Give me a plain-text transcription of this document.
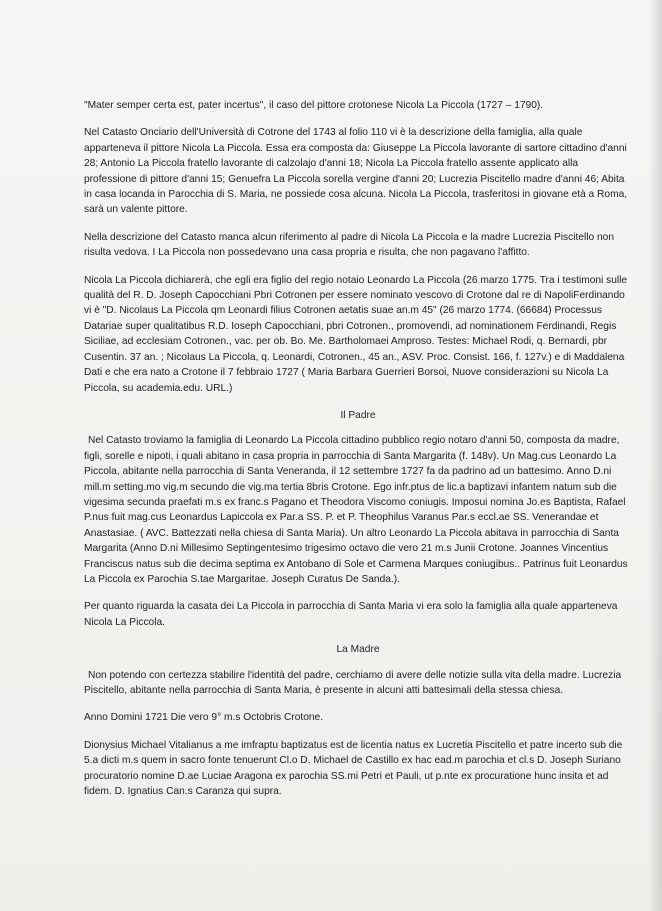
"Mater semper certa est, pater incertus", il caso del pittore crotonese Nicola La Piccola (1727 – 1790).

Nel Catasto Onciario dell'Università di Cotrone del 1743 al folio 110 vi è la descrizione della famiglia, alla quale apparteneva il pittore Nicola La Piccola. Essa era composta da: Giuseppe La Piccola lavorante di sartore cittadino d'anni 28; Antonio La Piccola fratello lavorante di calzolajo d'anni 18; Nicola La Piccola fratello assente applicato alla professione di pittore d'anni 15; Genuefra La Piccola sorella vergine d'anni 20; Lucrezia Piscitello madre d'anni 46; Abita in casa locanda in Parocchia di S. Maria, ne possiede cosa alcuna. Nicola La Piccola, trasferitosi in giovane età a Roma, sarà un valente pittore.

Nella descrizione del Catasto manca alcun riferimento al padre di Nicola La Piccola e la madre Lucrezia Piscitello non risulta vedova. I La Piccola non possedevano una casa propria e risulta, che non pagavano l'affitto.

Nicola La Piccola dichiarerà, che egli era figlio del regio notaio Leonardo La Piccola (26 marzo 1775. Tra i testimoni sulle qualità del R. D. Joseph Capocchiani Pbri Cotronen per essere nominato vescovo di Crotone dal re di NapoliFerdinando vi è "D. Nicolaus La Piccola qm Leonardi filius Cotronen aetatis suae an.m 45" (26 marzo 1774. (66684) Processus Datariae super qualitatibus R.D. Ioseph Capocchiani, pbri Cotronen., promovendi, ad nominationem Ferdinandi, Regis Siciliae, ad ecclesiam Cotronen., vac. per ob. Bo. Me. Bartholomaei Amproso. Testes: Michael Rodi, q. Bernardi, pbr Cusentin. 37 an. ; Nicolaus La Piccola, q. Leonardi, Cotronen., 45 an., ASV. Proc. Consist. 166, f. 127v.) e di Maddalena Dati e che era nato a Crotone il 7 febbraio 1727 ( Maria Barbara Guerrieri Borsoi, Nuove considerazioni su Nicola La Piccola, su academia.edu. URL.)

Il Padre

Nel Catasto troviamo la famiglia di Leonardo La Piccola cittadino pubblico regio notaro d'anni 50, composta da madre, figli, sorelle e nipoti, i quali abitano in casa propria in parrocchia di Santa Margarita (f. 148v). Un Mag.cus Leonardo La Piccola, abitante nella parrocchia di Santa Veneranda, il 12 settembre 1727 fa da padrino ad un battesimo. Anno D.ni mill.m setting.mo vig.m secundo die vig.ma tertia 8bris Crotone. Ego infr.ptus de lic.a baptizavi infantem natum sub die vigesima secunda praefati m.s ex franc.s Pagano et Theodora Viscomo coniugis. Imposui nomina Jo.es Baptista, Rafael P.nus fuit mag.cus Leonardus Lapiccola ex Par.a SS. P. et P. Theophilus Varanus Par.s eccl.ae SS. Venerandae et Anastasiae. ( AVC. Battezzati nella chiesa di Santa Maria). Un altro Leonardo La Piccola abitava in parrocchia di Santa Margarita (Anno D.ni Millesimo Septingentesimo trigesimo octavo die vero 21 m.s Junii Crotone. Joannes Vincentius Franciscus natus sub die decima septima ex Antobano di Sole et Carmena Marques coniugibus.. Patrinus fuit Leonardus La Piccola ex Parochia S.tae Margaritae. Joseph Curatus De Sanda.).

Per quanto riguarda la casata dei La Piccola in parrocchia di Santa Maria vi era solo la famiglia alla quale apparteneva Nicola La Piccola.

La Madre

Non potendo con certezza stabilire l'identità del padre, cerchiamo di avere delle notizie sulla vita della madre. Lucrezia Piscitello, abitante nella parrocchia di Santa Maria, è presente in alcuni atti battesimali della stessa chiesa.

Anno Domini 1721 Die vero 9° m.s Octobris Crotone.

Dionysius Michael Vitalianus a me imfraptu baptizatus est de licentia natus ex Lucretia Piscitello et patre incerto sub die 5.a dicti m.s quem in sacro fonte tenuerunt Cl.o D. Michael de Castillo ex hac ead.m parochia et cl.s D. Joseph Suriano procuratorio nomine D.ae Luciae Aragona ex parochia SS.mi Petri et Pauli, ut p.nte ex procuratione hunc insita et ad fidem. D. Ignatius Can.s Caranza qui supra.
